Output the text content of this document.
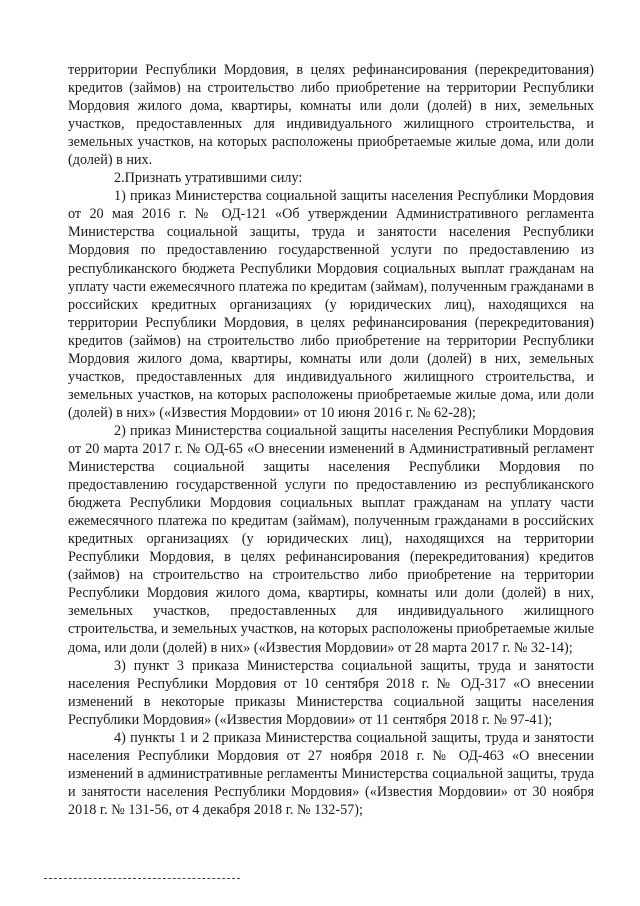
территории Республики Мордовия, в целях рефинансирования (перекредитования) кредитов (займов) на строительство либо приобретение на территории Республики Мордовия жилого дома, квартиры, комнаты или доли (долей) в них, земельных участков, предоставленных для индивидуального жилищного строительства, и земельных участков, на которых расположены приобретаемые жилые дома, или доли (долей) в них.

2.Признать утратившими силу:

1) приказ Министерства социальной защиты населения Республики Мордовия от 20 мая 2016 г. № ОД-121 «Об утверждении Административного регламента Министерства социальной защиты, труда и занятости населения Республики Мордовия по предоставлению государственной услуги по предоставлению из республиканского бюджета Республики Мордовия социальных выплат гражданам на уплату части ежемесячного платежа по кредитам (займам), полученным гражданами в российских кредитных организациях (у юридических лиц), находящихся на территории Республики Мордовия, в целях рефинансирования (перекредитования) кредитов (займов) на строительство либо приобретение на территории Республики Мордовия жилого дома, квартиры, комнаты или доли (долей) в них, земельных участков, предоставленных для индивидуального жилищного строительства, и земельных участков, на которых расположены приобретаемые жилые дома, или доли (долей) в них» («Известия Мордовии» от 10 июня 2016 г. № 62-28);

2) приказ Министерства социальной защиты населения Республики Мордовия от 20 марта 2017 г. № ОД-65 «О внесении изменений в Административный регламент Министерства социальной защиты населения Республики Мордовия по предоставлению государственной услуги по предоставлению из республиканского бюджета Республики Мордовия социальных выплат гражданам на уплату части ежемесячного платежа по кредитам (займам), полученным гражданами в российских кредитных организациях (у юридических лиц), находящихся на территории Республики Мордовия, в целях рефинансирования (перекредитования) кредитов (займов) на строительство на строительство либо приобретение на территории Республики Мордовия жилого дома, квартиры, комнаты или доли (долей) в них, земельных участков, предоставленных для индивидуального жилищного строительства, и земельных участков, на которых расположены приобретаемые жилые дома, или доли (долей) в них» («Известия Мордовии» от 28 марта 2017 г. № 32-14);

3) пункт 3 приказа Министерства социальной защиты, труда и занятости населения Республики Мордовия от 10 сентября 2018 г. № ОД-317 «О внесении изменений в некоторые приказы Министерства социальной защиты населения Республики Мордовия» («Известия Мордовии» от 11 сентября 2018 г. № 97-41);

4) пункты 1 и 2 приказа Министерства социальной защиты, труда и занятости населения Республики Мордовия от 27 ноября 2018 г. № ОД-463 «О внесении изменений в административные регламенты Министерства социальной защиты, труда и занятости населения Республики Мордовия» («Известия Мордовии» от 30 ноября 2018 г. № 131-56, от 4 декабря 2018 г. № 132-57);
